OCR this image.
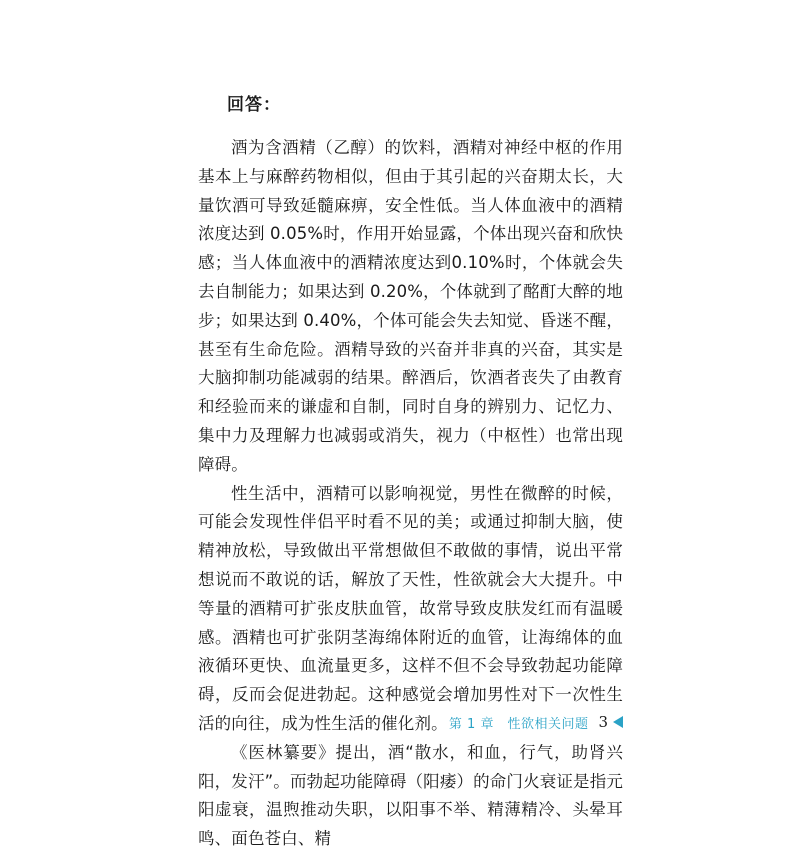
回答：

酒为含酒精（乙醇）的饮料，酒精对神经中枢的作用基本上与麻醉药物相似，但由于其引起的兴奋期太长，大量饮酒可导致延髓麻痹，安全性低。当人体血液中的酒精浓度达到 0.05%时，作用开始显露，个体出现兴奋和欣快感；当人体血液中的酒精浓度达到0.10%时，个体就会失去自制能力；如果达到 0.20%，个体就到了酩酊大醉的地步；如果达到 0.40%，个体可能会失去知觉、昏迷不醒，甚至有生命危险。酒精导致的兴奋并非真的兴奋，其实是大脑抑制功能减弱的结果。醉酒后，饮酒者丧失了由教育和经验而来的谦虚和自制，同时自身的辨别力、记忆力、集中力及理解力也减弱或消失，视力（中枢性）也常出现障碍。

性生活中，酒精可以影响视觉，男性在微醉的时候，可能会发现性伴侣平时看不见的美；或通过抑制大脑，使精神放松，导致做出平常想做但不敢做的事情，说出平常想说而不敢说的话，解放了天性，性欲就会大大提升。中等量的酒精可扩张皮肤血管，故常导致皮肤发红而有温暖感。酒精也可扩张阴茎海绵体附近的血管，让海绵体的血液循环更快、血流量更多，这样不但不会导致勃起功能障碍，反而会促进勃起。这种感觉会增加男性对下一次性生活的向往，成为性生活的催化剂。

《医林纂要》提出，酒“散水，和血，行气，助肾兴阳，发汗”。而勃起功能障碍（阳痿）的命门火衰证是指元阳虚衰，温煦推动失职，以阳事不举、精薄精冷、头晕耳鸣、面色苍白、精

第 1 章　性欲相关问题 3
